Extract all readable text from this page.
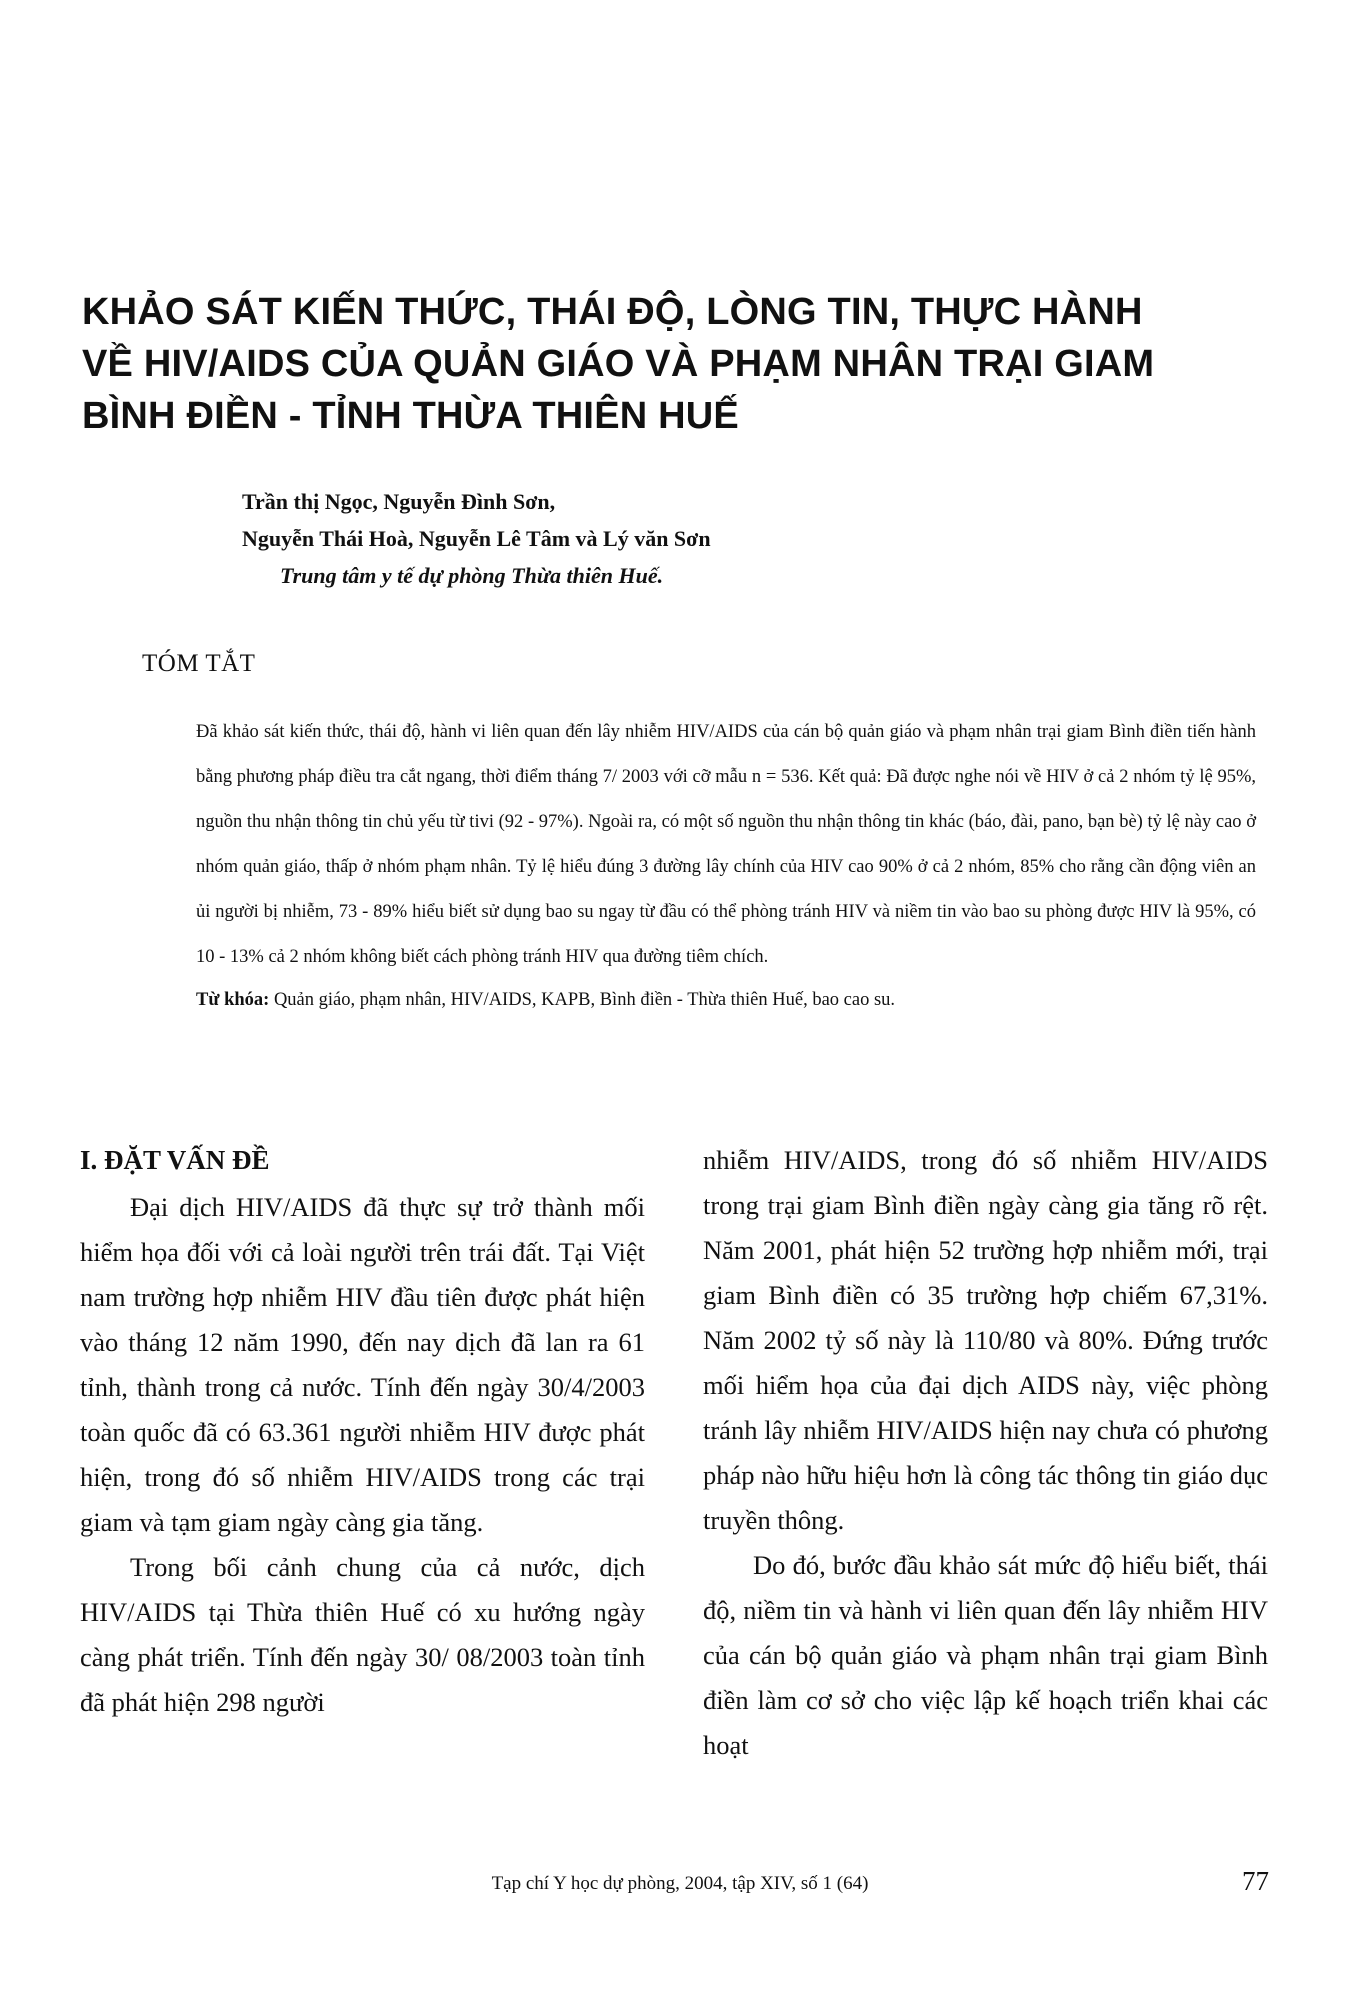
KHẢO SÁT KIẾN THỨC, THÁI ĐỘ, LÒNG TIN, THỰC HÀNH
VỀ HIV/AIDS CỦA QUẢN GIÁO VÀ PHẠM NHÂN TRẠI GIAM
BÌNH ĐIỀN - TỈNH THỪA THIÊN HUẾ
Trần thị Ngọc, Nguyễn Đình Sơn,
Nguyễn Thái Hoà, Nguyễn Lê Tâm và Lý văn Sơn
Trung tâm y tế dự phòng Thừa thiên Huế.
TÓM TẮT
Đã khảo sát kiến thức, thái độ, hành vi liên quan đến lây nhiễm HIV/AIDS của cán bộ quản giáo và phạm nhân trại giam Bình điền tiến hành bằng phương pháp điều tra cắt ngang, thời điểm tháng 7/ 2003 với cỡ mẫu n = 536. Kết quả: Đã được nghe nói về HIV ở cả 2 nhóm tỷ lệ 95%, nguồn thu nhận thông tin chủ yếu từ tivi (92 - 97%). Ngoài ra, có một số nguồn thu nhận thông tin khác (báo, đài, pano, bạn bè) tỷ lệ này cao ở nhóm quản giáo, thấp ở nhóm phạm nhân. Tỷ lệ hiểu đúng 3 đường lây chính của HIV cao 90% ở cả 2 nhóm, 85% cho rằng cần động viên an ủi người bị nhiễm, 73 - 89% hiểu biết sử dụng bao su ngay từ đầu có thể phòng tránh HIV và niềm tin vào bao su phòng được HIV là 95%, có 10 - 13% cả 2 nhóm không biết cách phòng tránh HIV qua đường tiêm chích.
Từ khóa: Quản giáo, phạm nhân, HIV/AIDS, KAPB, Bình điền - Thừa thiên Huế, bao cao su.
I. ĐẶT VẤN ĐỀ

Đại dịch HIV/AIDS đã thực sự trở thành mối hiểm họa đối với cả loài người trên trái đất. Tại Việt nam trường hợp nhiễm HIV đầu tiên được phát hiện vào tháng 12 năm 1990, đến nay dịch đã lan ra 61 tỉnh, thành trong cả nước. Tính đến ngày 30/4/2003 toàn quốc đã có 63.361 người nhiễm HIV được phát hiện, trong đó số nhiễm HIV/AIDS trong các trại giam và tạm giam ngày càng gia tăng.

Trong bối cảnh chung của cả nước, dịch HIV/AIDS tại Thừa thiên Huế có xu hướng ngày càng phát triển. Tính đến ngày 30/ 08/2003 toàn tỉnh đã phát hiện 298 người

nhiễm HIV/AIDS, trong đó số nhiễm HIV/AIDS trong trại giam Bình điền ngày càng gia tăng rõ rệt. Năm 2001, phát hiện 52 trường hợp nhiễm mới, trại giam Bình điền có 35 trường hợp chiếm 67,31%. Năm 2002 tỷ số này là 110/80 và 80%. Đứng trước mối hiểm họa của đại dịch AIDS này, việc phòng tránh lây nhiễm HIV/AIDS hiện nay chưa có phương pháp nào hữu hiệu hơn là công tác thông tin giáo dục truyền thông.

Do đó, bước đầu khảo sát mức độ hiểu biết, thái độ, niềm tin và hành vi liên quan đến lây nhiễm HIV của cán bộ quản giáo và phạm nhân trại giam Bình điền làm cơ sở cho việc lập kế hoạch triển khai các hoạt

Tạp chí Y học dự phòng, 2004, tập XIV, số 1 (64)	77
